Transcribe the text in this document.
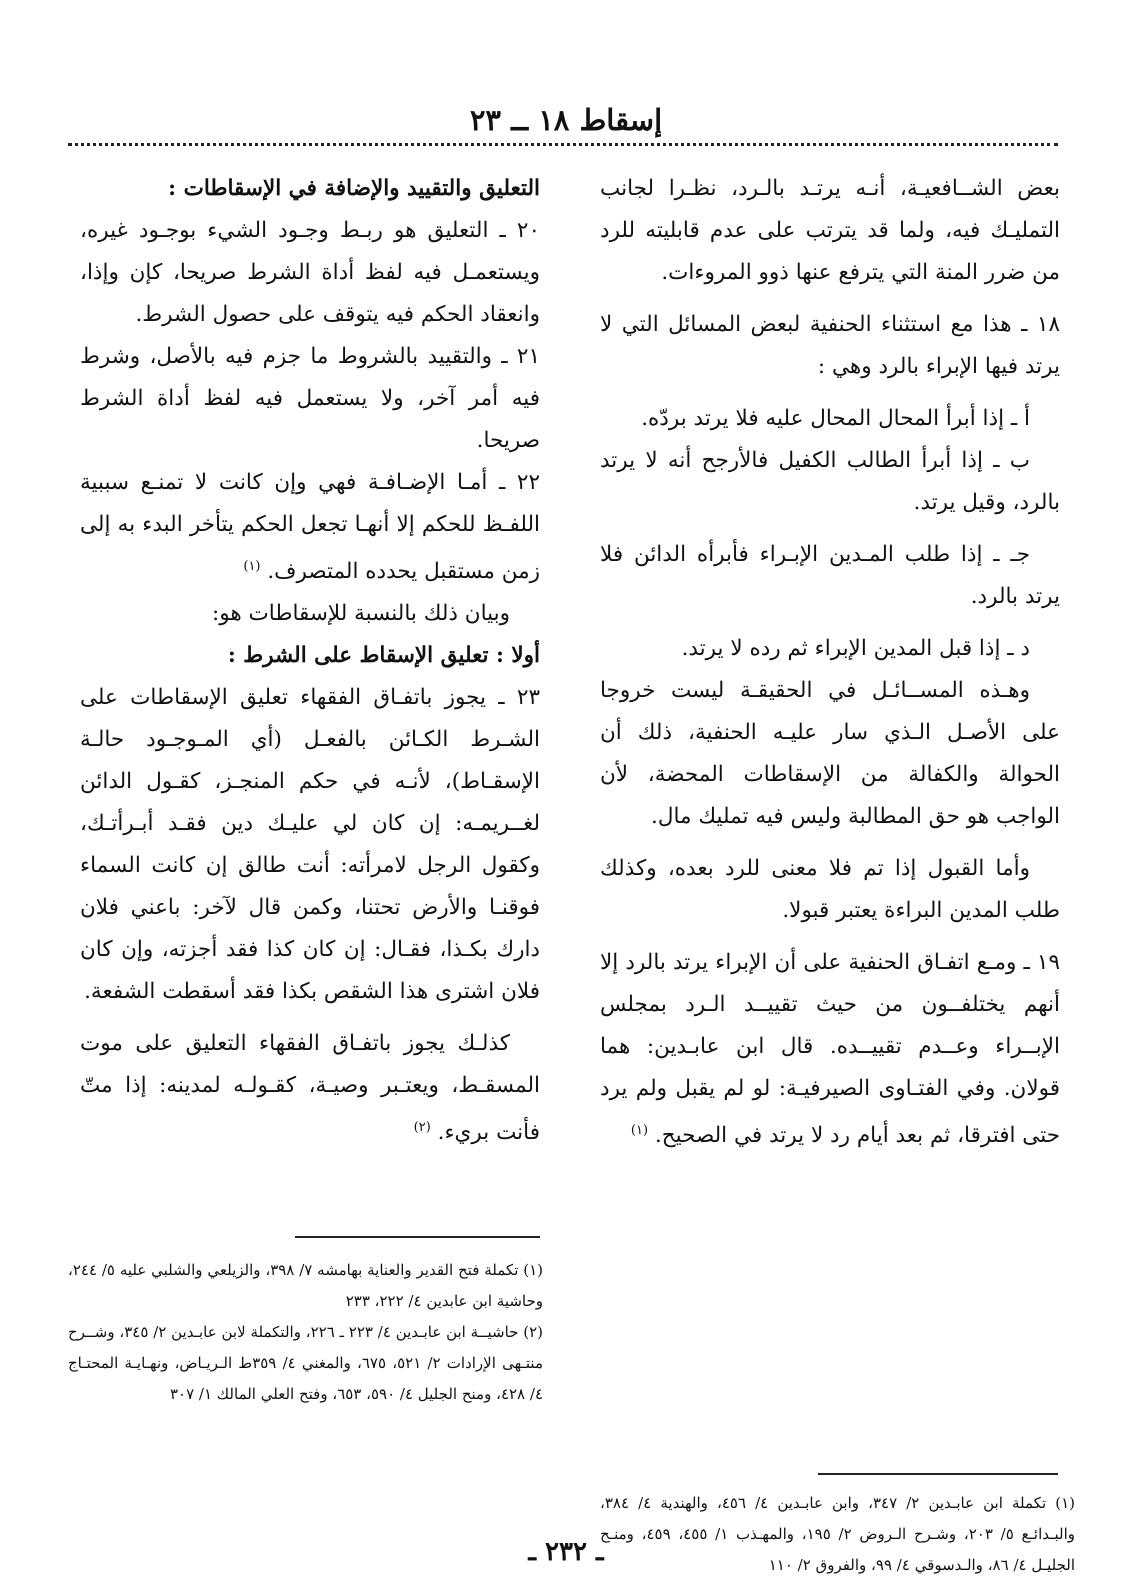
إسقاط ١٨ ــ ٢٣

بعض الشــافعيـة، أنـه يرتـد بالـرد، نظـرا لجانب التمليـك فيه، ولما قد يترتب على عدم قابليته للرد من ضرر المنة التي يترفع عنها ذوو المروءات.

١٨ ـ هذا مع استثناء الحنفية لبعض المسائل التي لا يرتد فيها الإبراء بالرد وهي :

أ ـ إذا أبرأ المحال المحال عليه فلا يرتد بردّه.

ب ـ إذا أبرأ الطالب الكفيل فالأرجح أنه لا يرتد بالرد، وقيل يرتد.

جـ ـ إذا طلب المـدين الإبـراء فأبرأه الدائن فلا يرتد بالرد.

د ـ إذا قبل المدين الإبراء ثم رده لا يرتد.

وهـذه المســائـل في الحقيقـة ليست خروجا على الأصـل الـذي سار عليـه الحنفية، ذلك أن الحوالة والكفالة من الإسقاطات المحضة، لأن الواجب هو حق المطالبة وليس فيه تمليك مال.

وأما القبول إذا تم فلا معنى للرد بعده، وكذلك طلب المدين البراءة يعتبر قبولا.

١٩ ـ ومـع اتفـاق الحنفية على أن الإبراء يرتد بالرد إلا أنهم يختلفــون من حيث تقييــد الـرد بمجلس الإبــراء وعــدم تقييــده. قال ابن عابـدين: هما قولان. وفي الفتـاوى الصيرفيـة: لو لم يقبل ولم يرد حتى افترقا، ثم بعد أيام رد لا يرتد في الصحيح. $^{(١)}$

التعليق والتقييد والإضافة في الإسقاطات :

٢٠ ـ التعليق هو ربـط وجـود الشيء بوجـود غيره، ويستعمـل فيه لفظ أداة الشرط صريحا، كإن وإذا، وانعقاد الحكم فيه يتوقف على حصول الشرط.

٢١ ـ والتقييد بالشروط ما جزم فيه بالأصل، وشرط فيه أمر آخر، ولا يستعمل فيه لفظ أداة الشرط صريحا.

٢٢ ـ أمـا الإضـافـة فهي وإن كانت لا تمنـع سببية اللفـظ للحكم إلا أنهـا تجعل الحكم يتأخر البدء به إلى زمن مستقبل يحدده المتصرف. $^{(١)}$

وبيان ذلك بالنسبة للإسقاطات هو:

أولا : تعليق الإسقاط على الشرط :

٢٣ ـ يجوز باتفـاق الفقهاء تعليق الإسقاطات على الشـرط الكـائن بالفعـل (أي المـوجـود حالـة الإسقـاط)، لأنـه في حكم المنجـز، كقـول الدائن لغــريمـه: إن كان لي عليـك دين فقـد أبـرأتـك، وكقول الرجل لامرأته: أنت طالق إن كانت السماء فوقنـا والأرض تحتنا، وكمن قال لآخر: باعني فلان دارك بكـذا، فقـال: إن كان كذا فقد أجزته، وإن كان فلان اشترى هذا الشقص بكذا فقد أسقطت الشفعة.

كذلـك يجوز باتفـاق الفقهاء التعليق على موت المسقـط، ويعتـبر وصيـة، كقـولـه لمدينه: إذا متّ فأنت بريء. $^{(٢)}$

(١) تكملة ابن عابـدين ٢/ ٣٤٧، وابن عابـدين ٤/ ٤٥٦، والهندية ٤/ ٣٨٤، والبـدائـع ٥/ ٢٠٣، وشـرح الـروض ٢/ ١٩٥، والمهـذب ١/ ٤٥٥، ٤٥٩، ومنـح الجليـل ٤/ ٨٦، والـدسوقي ٤/ ٩٩، والفروق ٢/ ١١٠

(١) تكملة فتح القدير والعناية بهامشه ٧/ ٣٩٨، والزيلعي والشلبي عليه ٥/ ٢٤٤، وحاشية ابن عابدين ٤/ ٢٢٢، ٢٣٣

(٢) حاشيــة ابن عابـدين ٤/ ٢٢٣ ـ ٢٢٦، والتكملة لابن عابـدين ٢/ ٣٤٥، وشــرح منتـهى الإرادات ٢/ ٥٢١، ٦٧٥، والمغني ٤/ ٣٥٩ط الـريـاض، ونهـايـة المحتـاج ٤/ ٤٢٨، ومنح الجليل ٤/ ٥٩٠، ٦٥٣، وفتح العلي المالك ١/ ٣٠٧

ـ ٢٣٢ ـ
